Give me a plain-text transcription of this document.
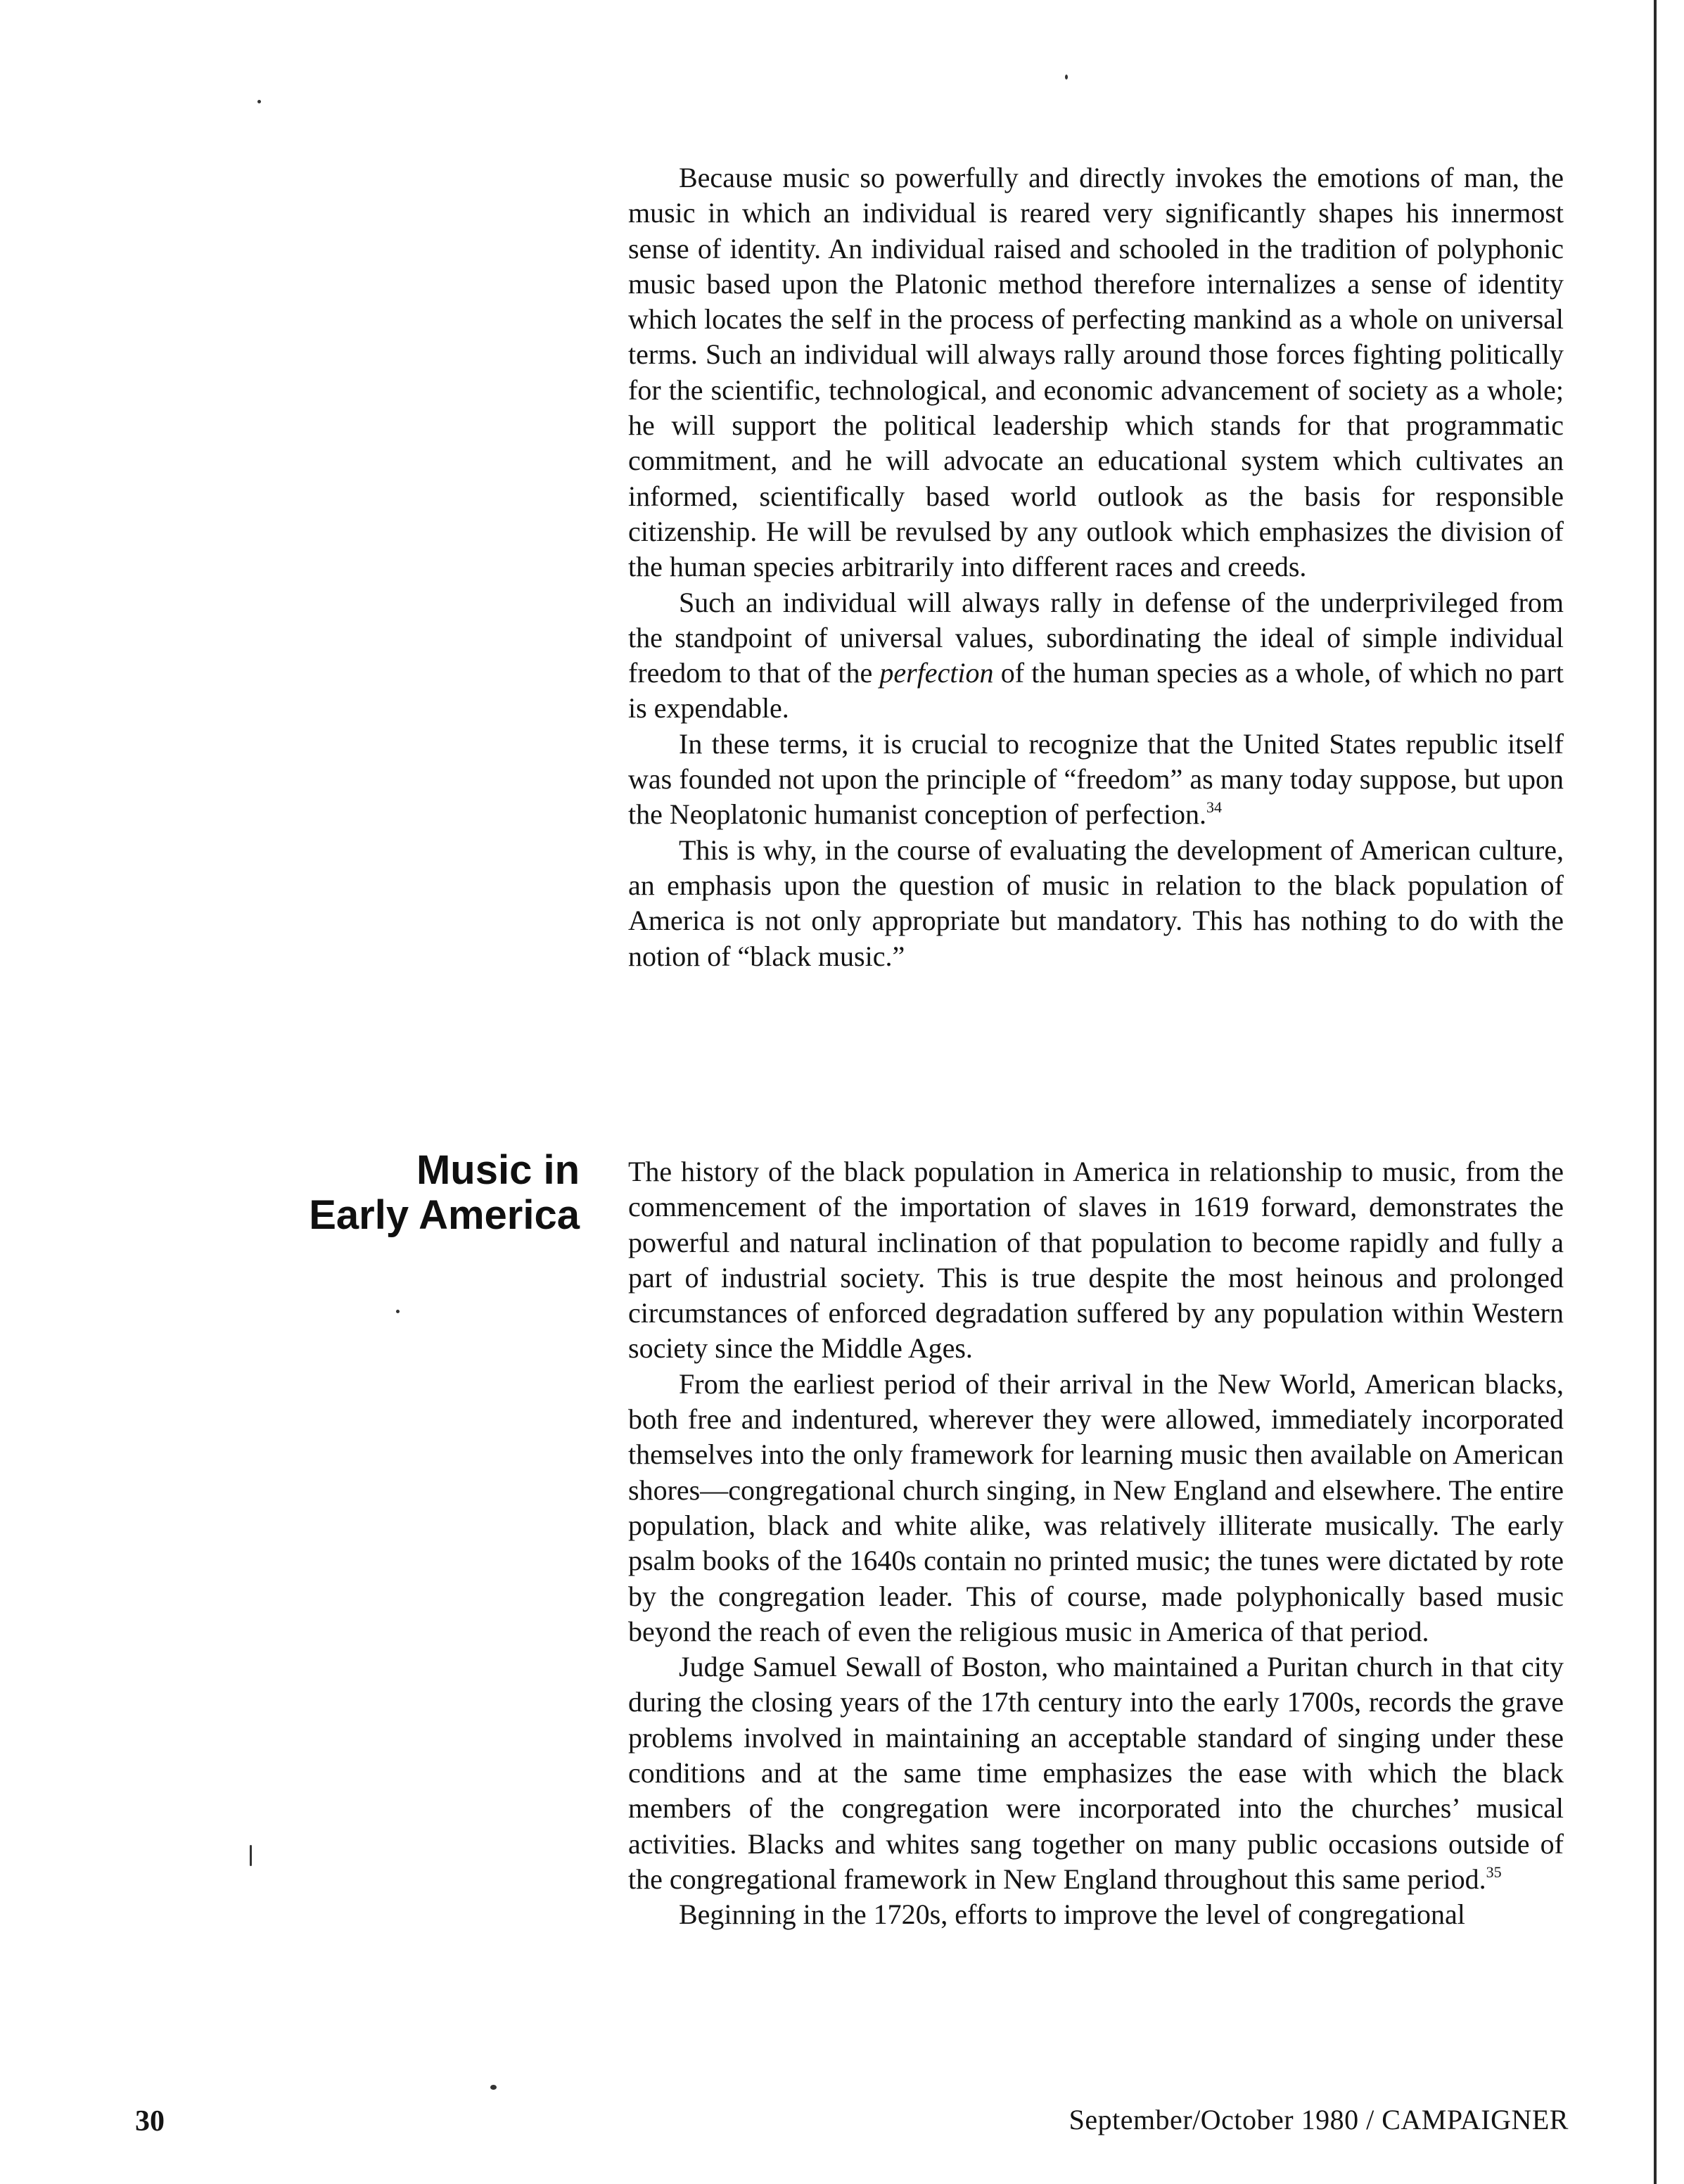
Because music so powerfully and directly invokes the emotions of man, the music in which an individual is reared very significantly shapes his innermost sense of identity. An individual raised and schooled in the tradition of polyphonic music based upon the Platonic method therefore internalizes a sense of identity which locates the self in the process of perfecting mankind as a whole on universal terms. Such an individual will always rally around those forces fighting politically for the scientific, technological, and economic advancement of society as a whole; he will support the political leadership which stands for that programmatic commitment, and he will advocate an educational system which cultivates an informed, scientifically based world outlook as the basis for responsible citizenship. He will be revulsed by any outlook which emphasizes the division of the human species arbitrarily into different races and creeds.

Such an individual will always rally in defense of the underprivileged from the standpoint of universal values, subordinating the ideal of simple individual freedom to that of the perfection of the human species as a whole, of which no part is expendable.

In these terms, it is crucial to recognize that the United States republic itself was founded not upon the principle of “freedom” as many today suppose, but upon the Neoplatonic humanist conception of perfection.$^{34}$

This is why, in the course of evaluating the development of American culture, an emphasis upon the question of music in relation to the black population of America is not only appropriate but mandatory. This has nothing to do with the notion of “black music.”

Music in
Early America

The history of the black population in America in relationship to music, from the commencement of the importation of slaves in 1619 forward, demonstrates the powerful and natural inclination of that population to become rapidly and fully a part of industrial society. This is true despite the most heinous and prolonged circumstances of enforced degradation suffered by any population within Western society since the Middle Ages.

From the earliest period of their arrival in the New World, American blacks, both free and indentured, wherever they were allowed, immediately incorporated themselves into the only framework for learning music then available on American shores—congregational church singing, in New England and elsewhere. The entire population, black and white alike, was relatively illiterate musically. The early psalm books of the 1640s contain no printed music; the tunes were dictated by rote by the congregation leader. This of course, made polyphonically based music beyond the reach of even the religious music in America of that period.

Judge Samuel Sewall of Boston, who maintained a Puritan church in that city during the closing years of the 17th century into the early 1700s, records the grave problems involved in maintaining an acceptable standard of singing under these conditions and at the same time emphasizes the ease with which the black members of the congregation were incorporated into the churches’ musical activities. Blacks and whites sang together on many public occasions outside of the congregational framework in New England throughout this same period.$^{35}$

Beginning in the 1720s, efforts to improve the level of congregational

30	September/October 1980 / CAMPAIGNER
